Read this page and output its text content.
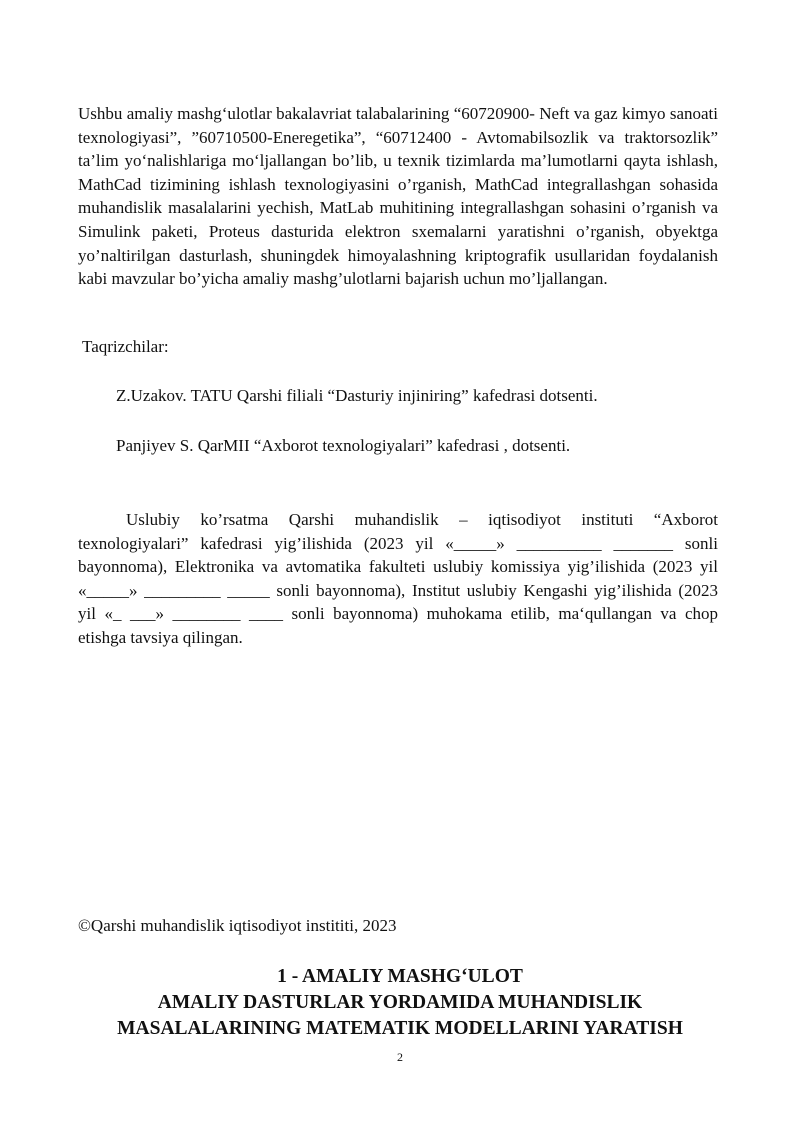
Ushbu amaliy mashg‘ulotlar bakalavriat talabalarining “60720900- Neft va gaz kimyo sanoati texnologiyasi”, ”60710500-Eneregetika”, “60712400 - Avtomabilsozlik va traktorsozlik” ta’lim yo‘nalishlariga mo‘ljallangan bo’lib, u texnik tizimlarda ma’lumotlarni qayta ishlash, MathCad tizimining ishlash texnologiyasini o’rganish, MathCad integrallashgan sohasida muhandislik masalalarini yechish, MatLab muhitining integrallashgan sohasini o’rganish va Simulink paketi, Proteus dasturida elektron sxemalarni yaratishni o’rganish, obyektga yo’naltirilgan dasturlash, shuningdek himoyalashning kriptografik usullaridan foydalanish kabi mavzular bo’yicha amaliy mashg’ulotlarni bajarish uchun mo’ljallangan.
Taqrizchilar:
Z.Uzakov. TATU Qarshi filiali “Dasturiy injiniring” kafedrasi dotsenti.
Panjiyev S. QarMII “Axborot texnologiyalari” kafedrasi , dotsenti.
Uslubiy ko’rsatma Qarshi muhandislik – iqtisodiyot instituti “Axborot texnologiyalari” kafedrasi yig’ilishida (2023 yil «_____» __________ _______ sonli bayonnoma), Elektronika va avtomatika fakulteti uslubiy komissiya yig’ilishida (2023 yil «_____» _________ _____ sonli bayonnoma), Institut uslubiy Kengashi yig’ilishida (2023 yil «_ ___» ________ ____ sonli bayonnoma) muhokama etilib, ma‘qullangan va chop etishga tavsiya qilingan.
©Qarshi muhandislik iqtisodiyot instititi, 2023
1 - AMALIY MASHG‘ULOT
AMALIY DASTURLAR YORDAMIDA MUHANDISLIK
MASALALARINING MATEMATIK MODELLARINI YARATISH
2
